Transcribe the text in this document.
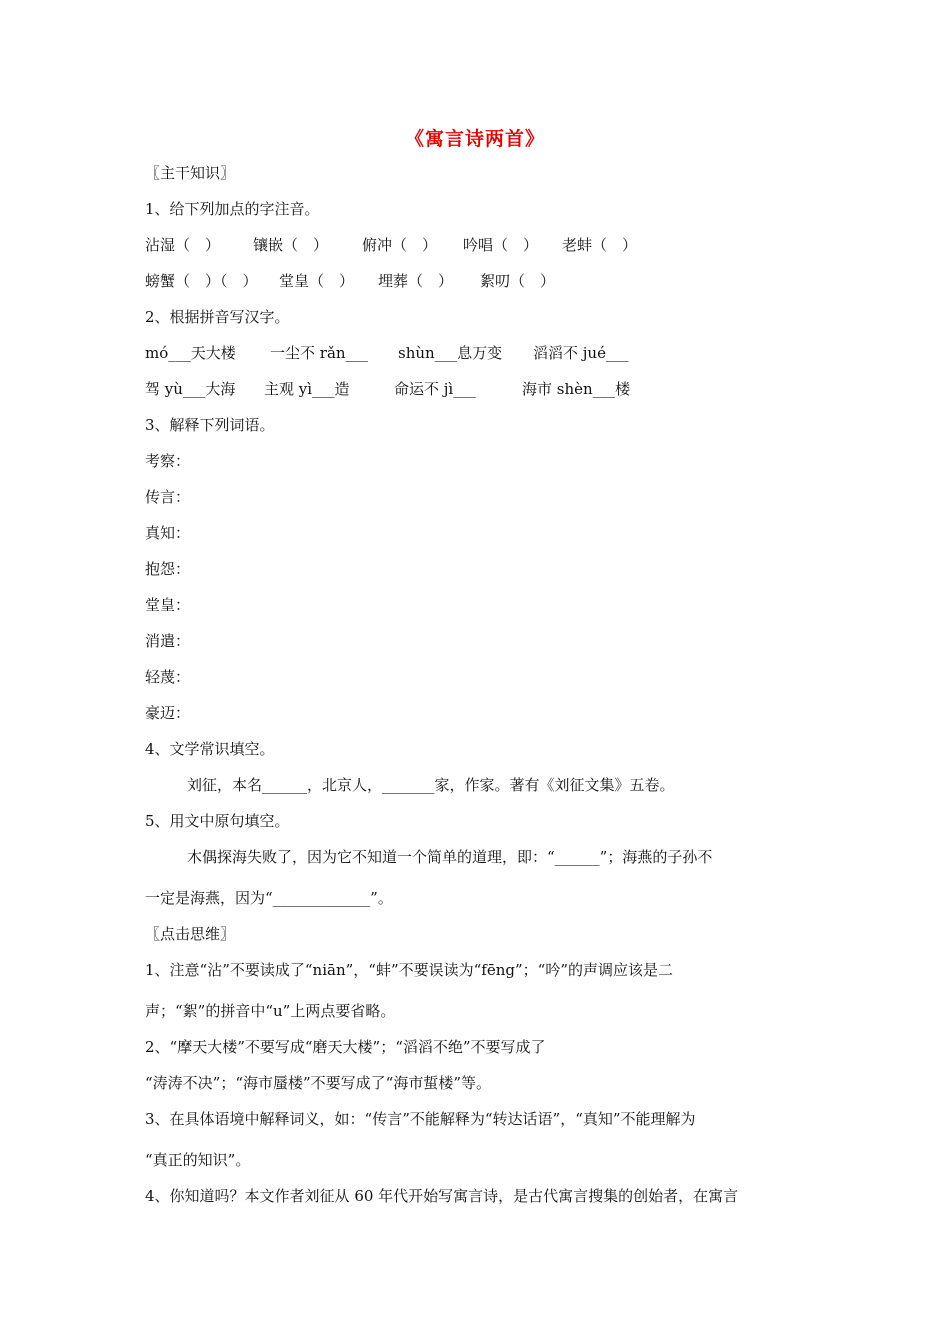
《寓言诗两首》
〖主干知识〗
1、给下列加点的字注音。
沾湿（　） 镶嵌（　） 俯冲（　） 吟唱（　） 老蚌（　）
螃蟹（　）（　） 堂皇（　） 埋葬（　） 絮叨（　）
2、根据拼音写汉字。
mó___天大楼 一尘不 rǎn___ shùn___息万变 滔滔不 jué___
驾 yù___大海 主观 yì___造	命运不 jì___	海市 shèn___楼
3、解释下列词语。
考察：
传言：
真知：
抱怨：
堂皇：
消遣：
轻蔑：
豪迈：
4、文学常识填空。
刘征，本名______，北京人，_______家，作家。著有《刘征文集》五卷。
5、用文中原句填空。
木偶探海失败了，因为它不知道一个简单的道理，即：“______”；海燕的子孙不
一定是海燕，因为“_____________”。
〖点击思维〗
1、注意“沾”不要读成了“niān”，“蚌”不要误读为“fēng”；“吟”的声调应该是二
声；“絮”的拼音中“u”上两点要省略。
2、“摩天大楼”不要写成“磨天大楼”；“滔滔不绝”不要写成了
“涛涛不决”；“海市蜃楼”不要写成了“海市蜇楼”等。
3、在具体语境中解释词义，如：“传言”不能解释为“转达话语”，“真知”不能理解为
“真正的知识”。
4、你知道吗？本文作者刘征从 60 年代开始写寓言诗，是古代寓言搜集的创始者，在寓言
